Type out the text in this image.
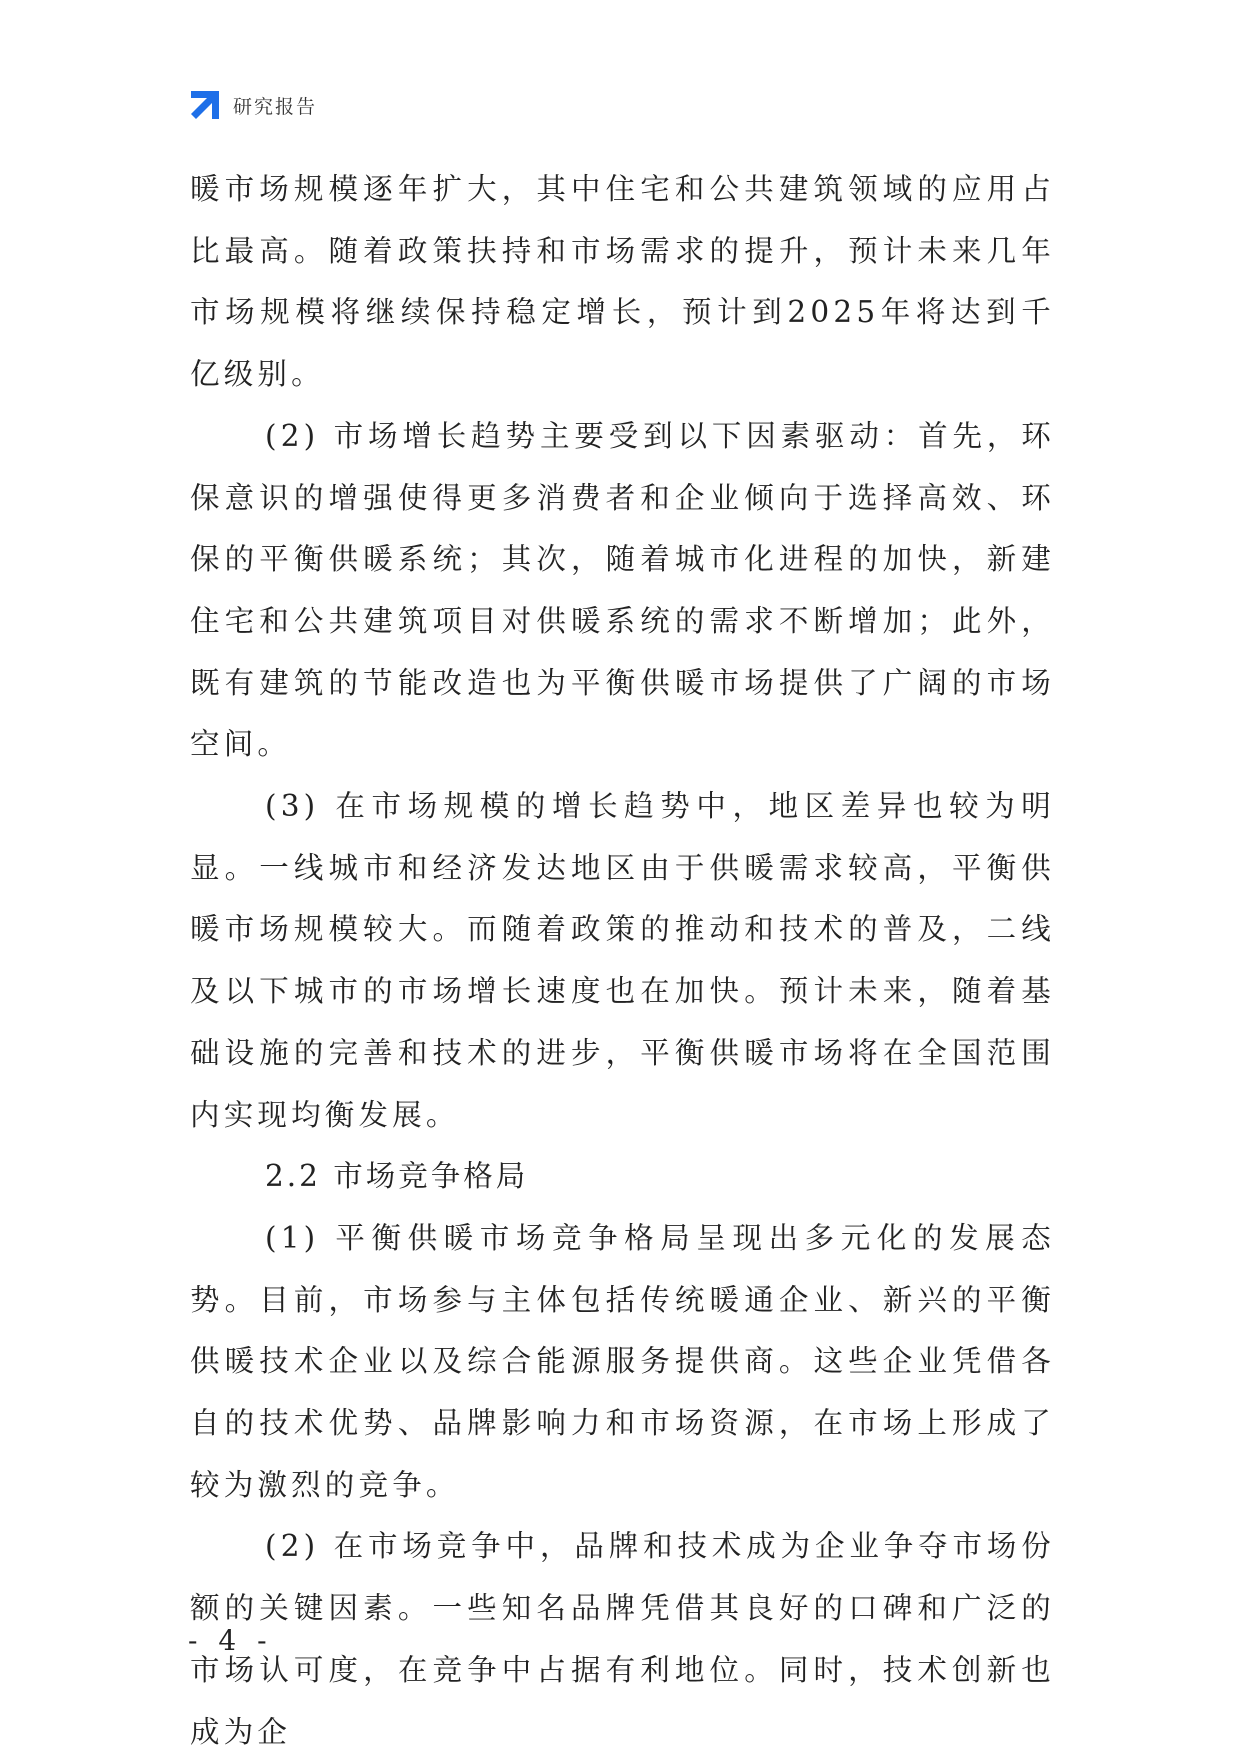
研究报告

暖市场规模逐年扩大，其中住宅和公共建筑领域的应用占比最高。随着政策扶持和市场需求的提升，预计未来几年市场规模将继续保持稳定增长，预计到2025年将达到千亿级别。

(2) 市场增长趋势主要受到以下因素驱动：首先，环保意识的增强使得更多消费者和企业倾向于选择高效、环保的平衡供暖系统；其次，随着城市化进程的加快，新建住宅和公共建筑项目对供暖系统的需求不断增加；此外，既有建筑的节能改造也为平衡供暖市场提供了广阔的市场空间。

(3) 在市场规模的增长趋势中，地区差异也较为明显。一线城市和经济发达地区由于供暖需求较高，平衡供暖市场规模较大。而随着政策的推动和技术的普及，二线及以下城市的市场增长速度也在加快。预计未来，随着基础设施的完善和技术的进步，平衡供暖市场将在全国范围内实现均衡发展。

2.2 市场竞争格局

(1) 平衡供暖市场竞争格局呈现出多元化的发展态势。目前，市场参与主体包括传统暖通企业、新兴的平衡供暖技术企业以及综合能源服务提供商。这些企业凭借各自的技术优势、品牌影响力和市场资源，在市场上形成了较为激烈的竞争。

(2) 在市场竞争中，品牌和技术成为企业争夺市场份额的关键因素。一些知名品牌凭借其良好的口碑和广泛的市场认可度，在竞争中占据有利地位。同时，技术创新也成为企

- 4 -
